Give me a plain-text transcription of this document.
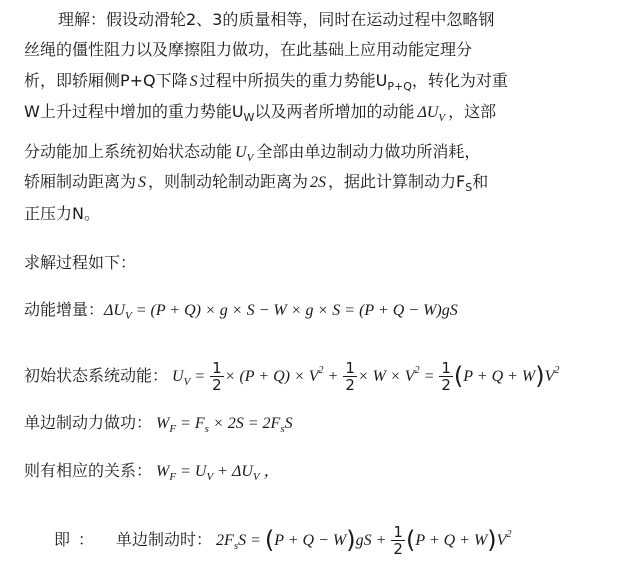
理解：假设动滑轮2、3的质量相等，同时在运动过程中忽略钢
丝绳的僵性阻力以及摩擦阻力做功，在此基础上应用动能定理分
析，即轿厢侧P+Q下降 S 过程中所损失的重力势能$U_{P+Q}$，转化为对重
W上升过程中增加的重力势能$U_W$以及两者所增加的动能 $\Delta U_V$ ，这部
分动能加上系统初始状态动能 $U_V$ 全部由单边制动力做功所消耗，
轿厢制动距离为 S ，则制动轮制动距离为 2S ，据此计算制动力$F_S$和
正压力N。
求解过程如下：
动能增量：$\Delta U_V = (P + Q) \times g \times S - W \times g \times S = (P + Q - W)gS$
初始状态系统动能： $U_V = \frac{1}{2} \times (P + Q) \times V^2 + \frac{1}{2} \times W \times V^2 = \frac{1}{2} (P + Q + W)V^2$
单边制动力做功： $W_F = F_s \times 2S = 2F_sS$
则有相应的关系： $W_F = U_V + \Delta U_V$ ，
即： 单边制动时： $2F_sS = (P + Q - W)gS + \frac{1}{2} (P + Q + W)V^2$
